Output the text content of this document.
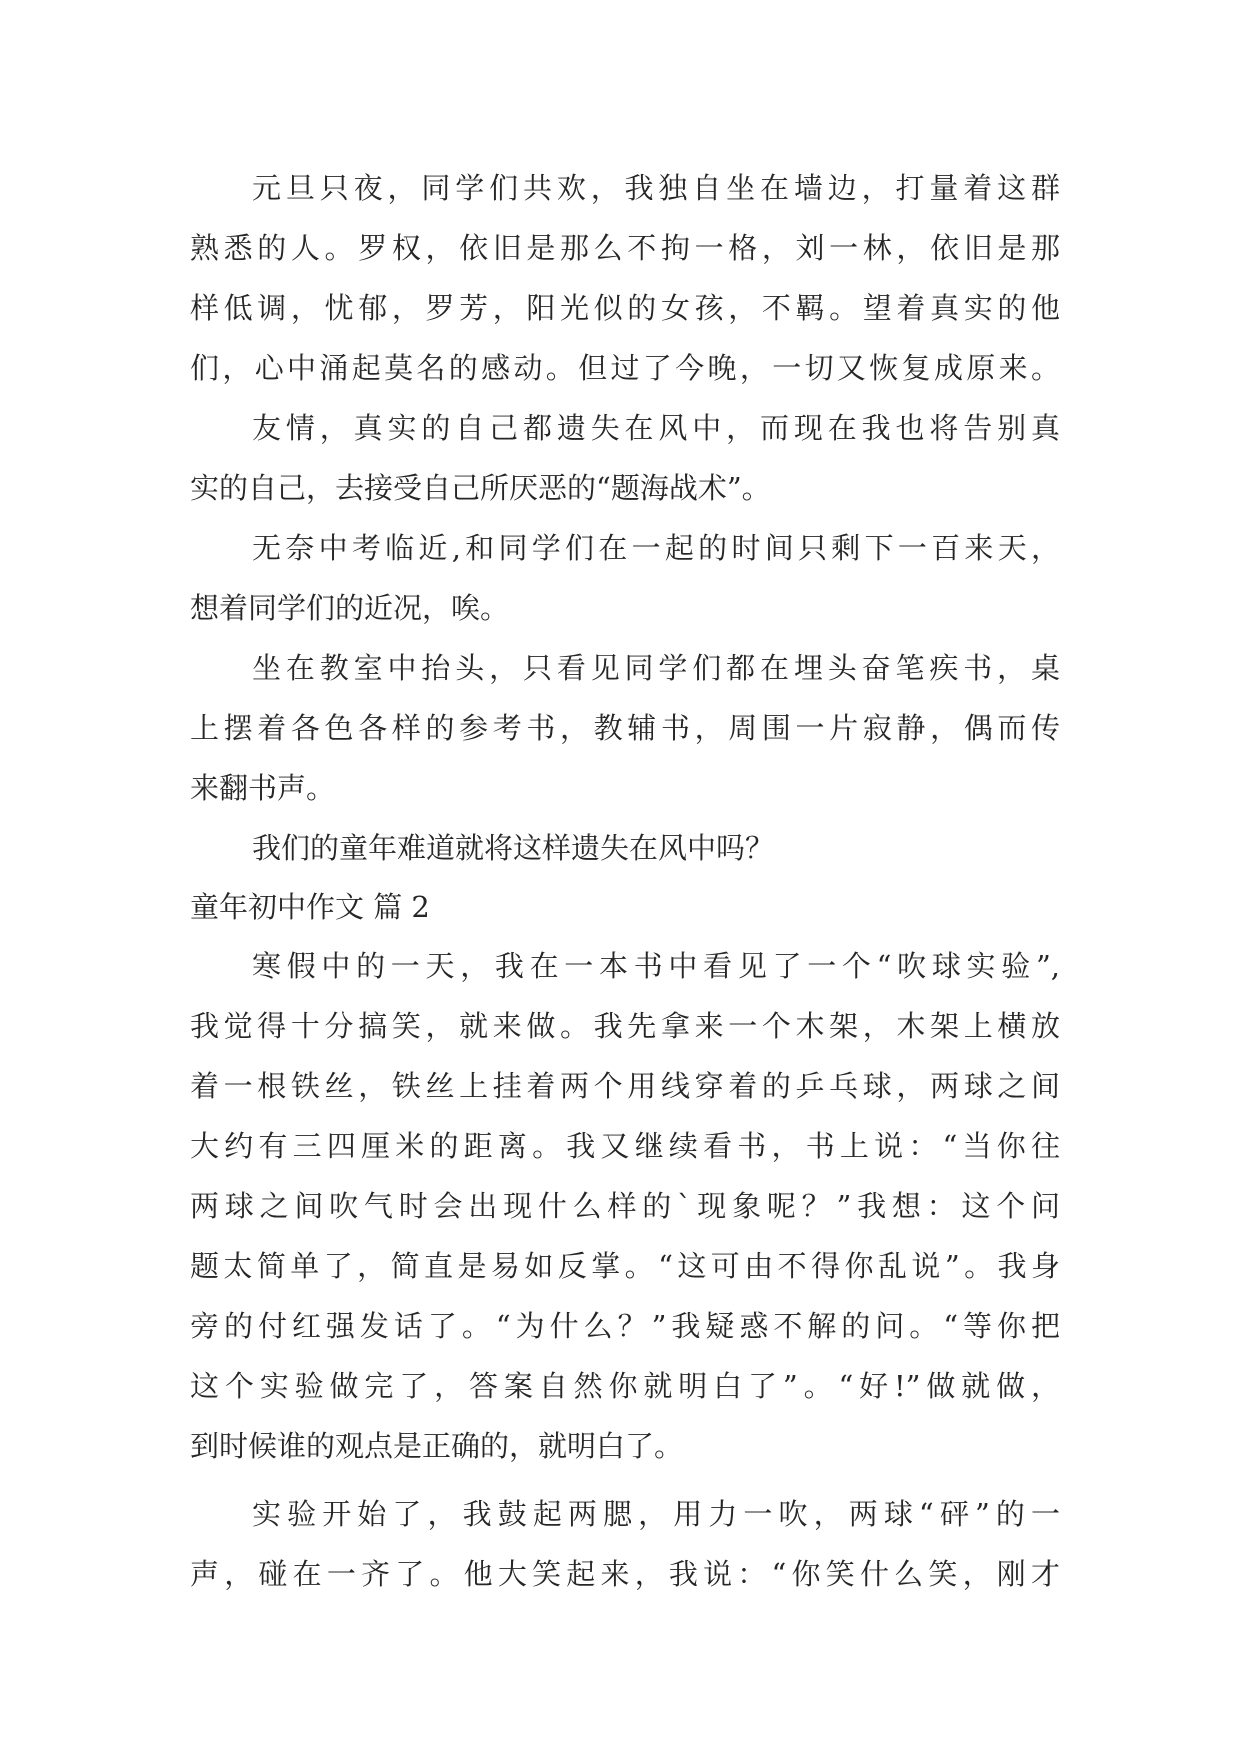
元旦只夜，同学们共欢，我独自坐在墙边，打量着这群
熟悉的人。罗权，依旧是那么不拘一格，刘一林，依旧是那
样低调，忧郁，罗芳，阳光似的女孩，不羁。望着真实的他
们，心中涌起莫名的感动。但过了今晚，一切又恢复成原来。
友情，真实的自己都遗失在风中，而现在我也将告别真
实的自己，去接受自己所厌恶的“题海战术”。
无奈中考临近,和同学们在一起的时间只剩下一百来天，
想着同学们的近况，唉。
坐在教室中抬头，只看见同学们都在埋头奋笔疾书，桌
上摆着各色各样的参考书，教辅书，周围一片寂静，偶而传
来翻书声。
我们的童年难道就将这样遗失在风中吗？
童年初中作文 篇 2
寒假中的一天，我在一本书中看见了一个“吹球实验”,
我觉得十分搞笑，就来做。我先拿来一个木架，木架上横放
着一根铁丝，铁丝上挂着两个用线穿着的乒乓球，两球之间
大约有三四厘米的距离。我又继续看书，书上说：“当你往
两球之间吹气时会出现什么样的`现象呢？”我想：这个问
题太简单了，简直是易如反掌。“这可由不得你乱说”。我身
旁的付红强发话了。“为什么？”我疑惑不解的问。“等你把
这个实验做完了，答案自然你就明白了”。“好!”做就做，
到时候谁的观点是正确的，就明白了。
实验开始了，我鼓起两腮，用力一吹，两球“砰”的一
声，碰在一齐了。他大笑起来，我说：“你笑什么笑，刚才
